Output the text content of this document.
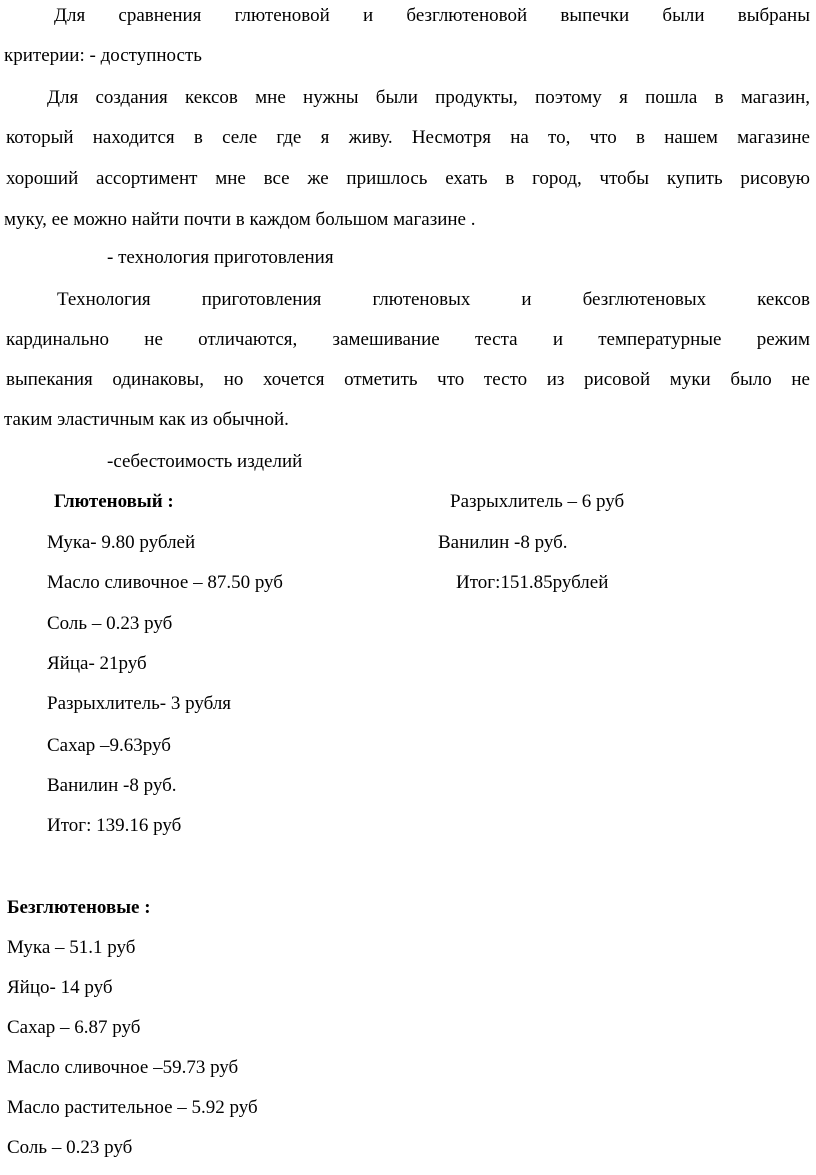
Для сравнения глютеновой и безглютеновой выпечки были выбраны
критерии: - доступность
Для создания кексов мне нужны были продукты, поэтому я пошла в магазин,
который находится в селе где я живу. Несмотря на то, что в нашем магазине
хороший ассортимент мне все же пришлось ехать в город, чтобы купить рисовую
муку, ее можно найти почти в каждом большом магазине .
- технология приготовления
Технология приготовления глютеновых и безглютеновых кексов
кардинально не отличаются, замешивание теста и температурные режим
выпекания одинаковы, но хочется отметить что тесто из рисовой муки было не
таким эластичным как из обычной.
-себестоимость изделий
Глютеновый :
Мука- 9.80 рублей
Масло сливочное – 87.50 руб
Соль – 0.23 руб
Яйца- 21руб
Разрыхлитель- 3 рубля
Сахар –9.63руб
Ванилин -8 руб.
Итог: 139.16 руб
Разрыхлитель – 6 руб
Ванилин -8 руб.
Итог:151.85рублей
Безглютеновые :
Мука – 51.1 руб
Яйцо- 14 руб
Сахар – 6.87 руб
Масло сливочное –59.73 руб
Масло растительное – 5.92 руб
Соль – 0.23 руб
